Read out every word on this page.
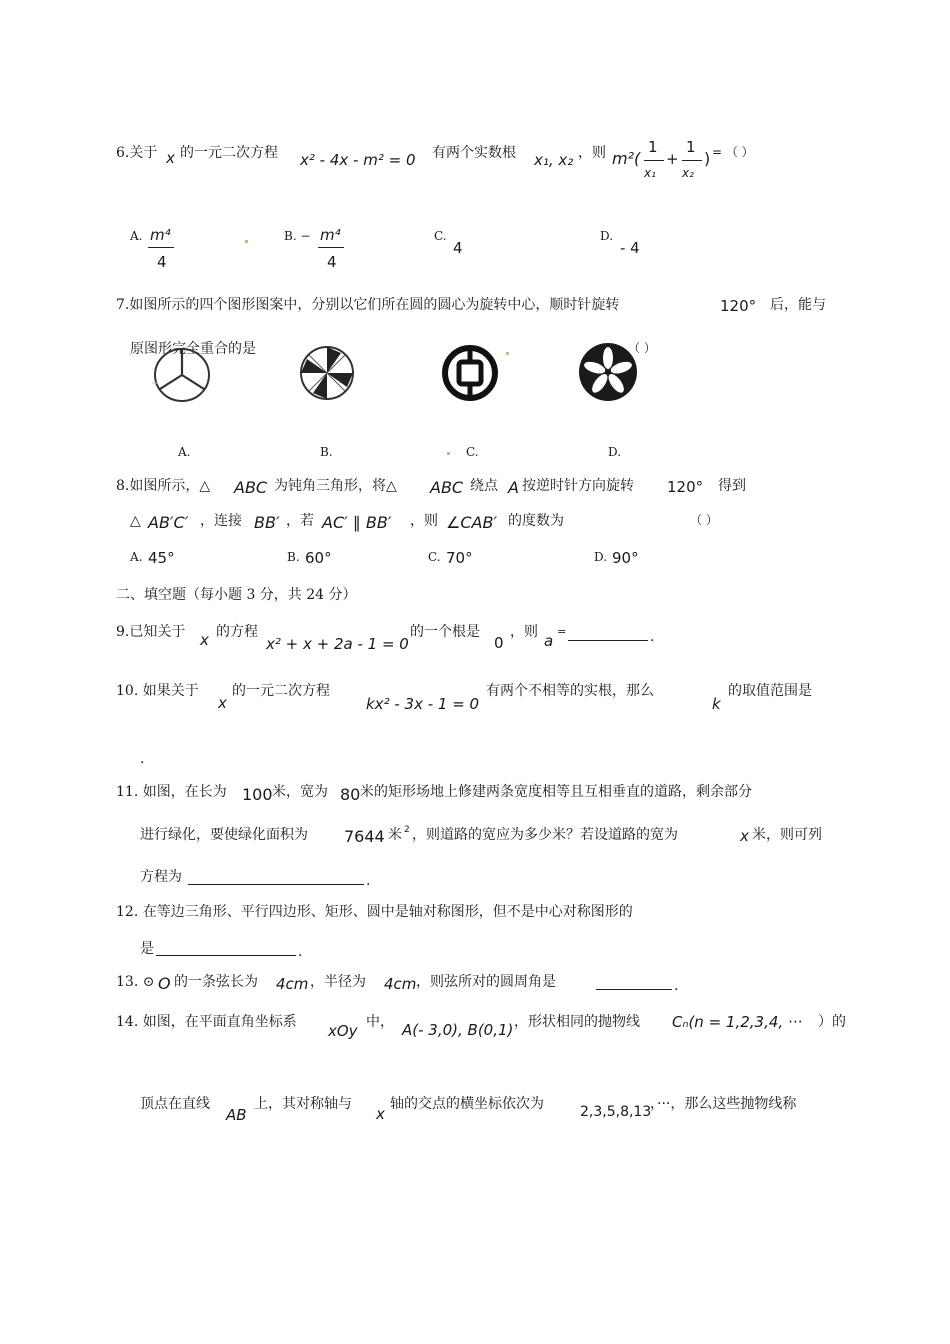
6.关于 x 的一元二次方程 x² - 4x - m² = 0 有两个实数根 x₁, x₂ ，则 m²(
1
x₁
+
1
x₂
) = （ ）
A. m⁴
4
B. − m⁴
4
C.
4
D.
- 4
7.如图所示的四个图形图案中，分别以它们所在圆的圆心为旋转中心，顺时针旋转	120° 后，能与
原图形完全重合的是	（ ）
A.	B.	C.	D.
8.如图所示，△ ABC 为钝角三角形，将△ ABC 绕点 A 按逆时针方向旋转 120° 得到
△ AB′C′ ，连接 BB′ ，若 AC′ ∥ BB′ ，则 ∠CAB′ 的度数为	（ ）
A. 45°	B. 60°	C. 70°	D. 90°
二、填空题（每小题 3 分，共 24 分）
9.已知关于 x 的方程
x² + x + 2a - 1 = 0
的一个根是
0
，则 a
=	.
10. 如果关于
x
的一元二次方程
kx² - 3x - 1 = 0
有两个不相等的实根，那么
k
的取值范围是
.
11. 如图，在长为 100 米，宽为 80 米的矩形场地上修建两条宽度相等且互相垂直的道路，剩余部分
进行绿化，要使绿化面积为 7644 米 2 ，则道路的宽应为多少米？若设道路的宽为	x 米，则可列
方程为	.
12. 在等边三角形、平行四边形、矩形、圆中是轴对称图形，但不是中心对称图形的
是	.
13. ⊙ O 的一条弦长为 4cm ，半径为 4cm ，则弦所对的圆周角是	.
14. 如图，在平面直角坐标系 xOy 中， A(- 3,0), B(0,1) ，形状相同的抛物线 Cₙ(n = 1,2,3,4, ··· ）的
顶点在直线
AB
上，其对称轴与
x
轴的交点的横坐标依次为	2,3,5,8,13
，···，那么这些抛物线称
